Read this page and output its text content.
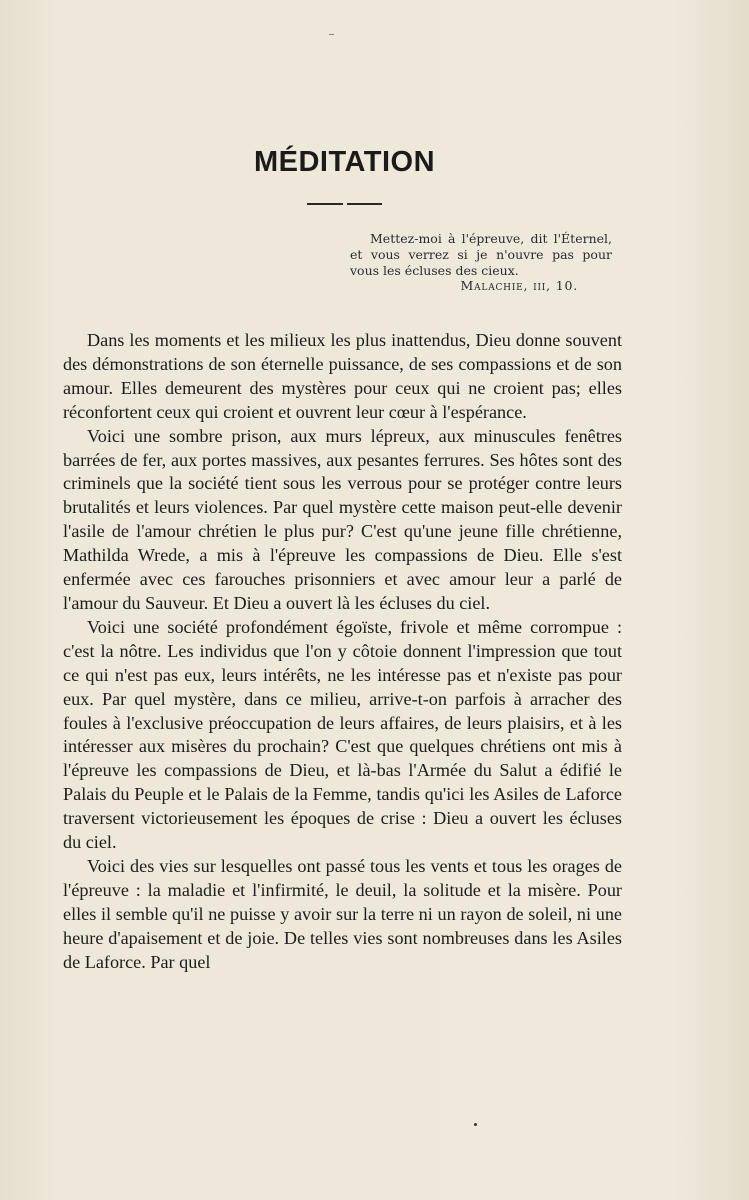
MÉDITATION
Mettez-moi à l'épreuve, dit l'Éternel, et vous verrez si je n'ouvre pas pour vous les écluses des cieux.
Malachie, iii, 10.

Dans les moments et les milieux les plus inattendus, Dieu donne souvent des démonstrations de son éternelle puissance, de ses compassions et de son amour. Elles demeurent des mystères pour ceux qui ne croient pas; elles réconfortent ceux qui croient et ouvrent leur cœur à l'espérance.

Voici une sombre prison, aux murs lépreux, aux minuscules fenêtres barrées de fer, aux portes massives, aux pesantes ferrures. Ses hôtes sont des criminels que la société tient sous les verrous pour se protéger contre leurs brutalités et leurs violences. Par quel mystère cette maison peut-elle devenir l'asile de l'amour chrétien le plus pur? C'est qu'une jeune fille chrétienne, Mathilda Wrede, a mis à l'épreuve les compassions de Dieu. Elle s'est enfermée avec ces farouches prisonniers et avec amour leur a parlé de l'amour du Sauveur. Et Dieu a ouvert là les écluses du ciel.

Voici une société profondément égoïste, frivole et même corrompue : c'est la nôtre. Les individus que l'on y côtoie donnent l'impression que tout ce qui n'est pas eux, leurs intérêts, ne les intéresse pas et n'existe pas pour eux. Par quel mystère, dans ce milieu, arrive-t-on parfois à arracher des foules à l'exclusive préoccupation de leurs affaires, de leurs plaisirs, et à les intéresser aux misères du prochain? C'est que quelques chrétiens ont mis à l'épreuve les compassions de Dieu, et là-bas l'Armée du Salut a édifié le Palais du Peuple et le Palais de la Femme, tandis qu'ici les Asiles de Laforce traversent victorieusement les époques de crise : Dieu a ouvert les écluses du ciel.

Voici des vies sur lesquelles ont passé tous les vents et tous les orages de l'épreuve : la maladie et l'infirmité, le deuil, la solitude et la misère. Pour elles il semble qu'il ne puisse y avoir sur la terre ni un rayon de soleil, ni une heure d'apaisement et de joie. De telles vies sont nombreuses dans les Asiles de Laforce. Par quel
